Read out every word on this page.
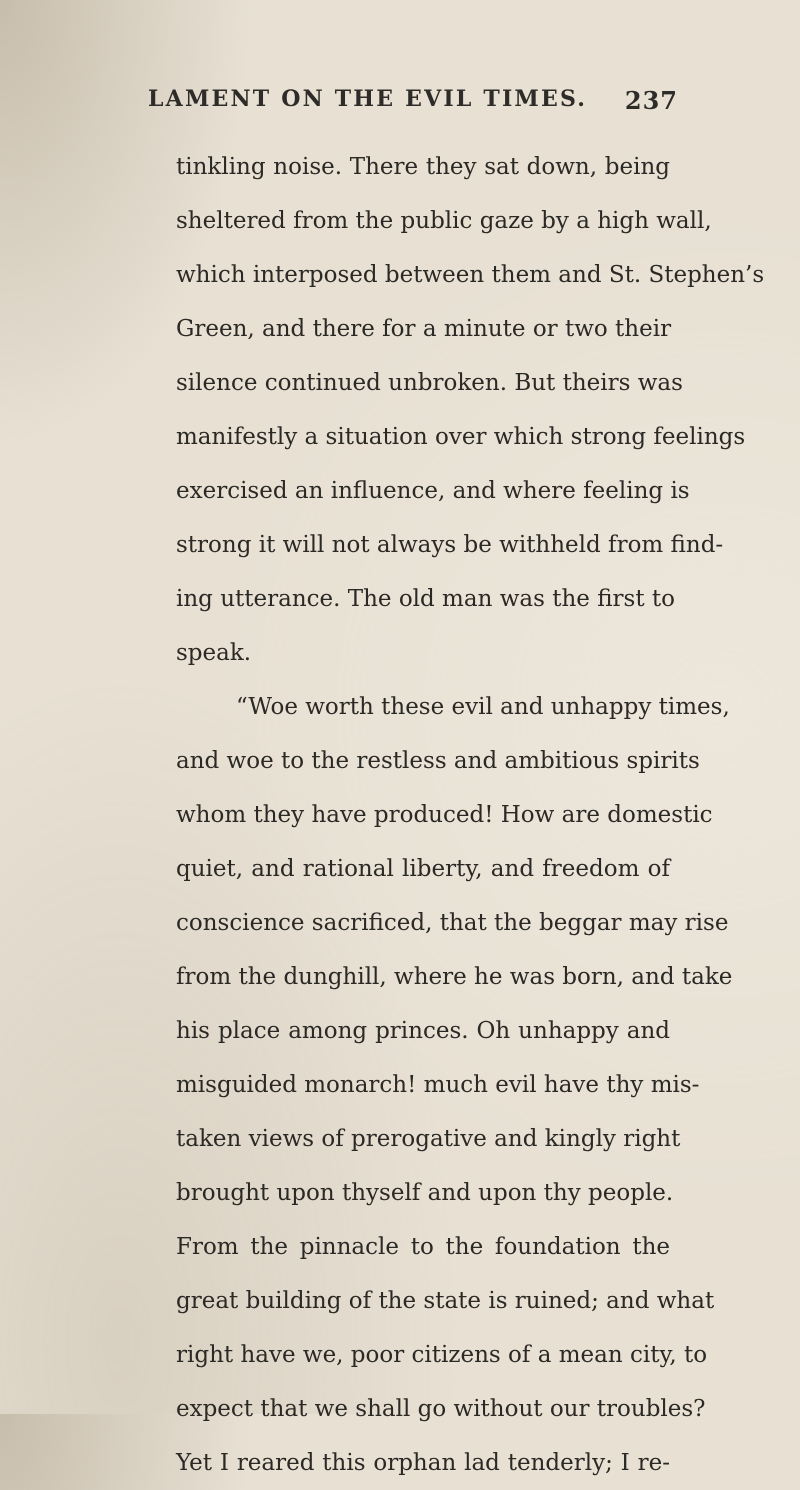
LAMENT ON THE EVIL TIMES. 237
tinkling noise. There they sat down, being
sheltered from the public gaze by a high wall,
which interposed between them and St. Stephen’s
Green, and there for a minute or two their
silence continued unbroken. But theirs was
manifestly a situation over which strong feelings
exercised an influence, and where feeling is
strong it will not always be withheld from find-
ing utterance. The old man was the first to
speak.
“Woe worth these evil and unhappy times,
and woe to the restless and ambitious spirits
whom they have produced! How are domestic
quiet, and rational liberty, and freedom of
conscience sacrificed, that the beggar may rise
from the dunghill, where he was born, and take
his place among princes. Oh unhappy and
misguided monarch! much evil have thy mis-
taken views of prerogative and kingly right
brought upon thyself and upon thy people.
From the pinnacle to the foundation the
great building of the state is ruined; and what
right have we, poor citizens of a mean city, to
expect that we shall go without our troubles?
Yet I reared this orphan lad tenderly; I re-
